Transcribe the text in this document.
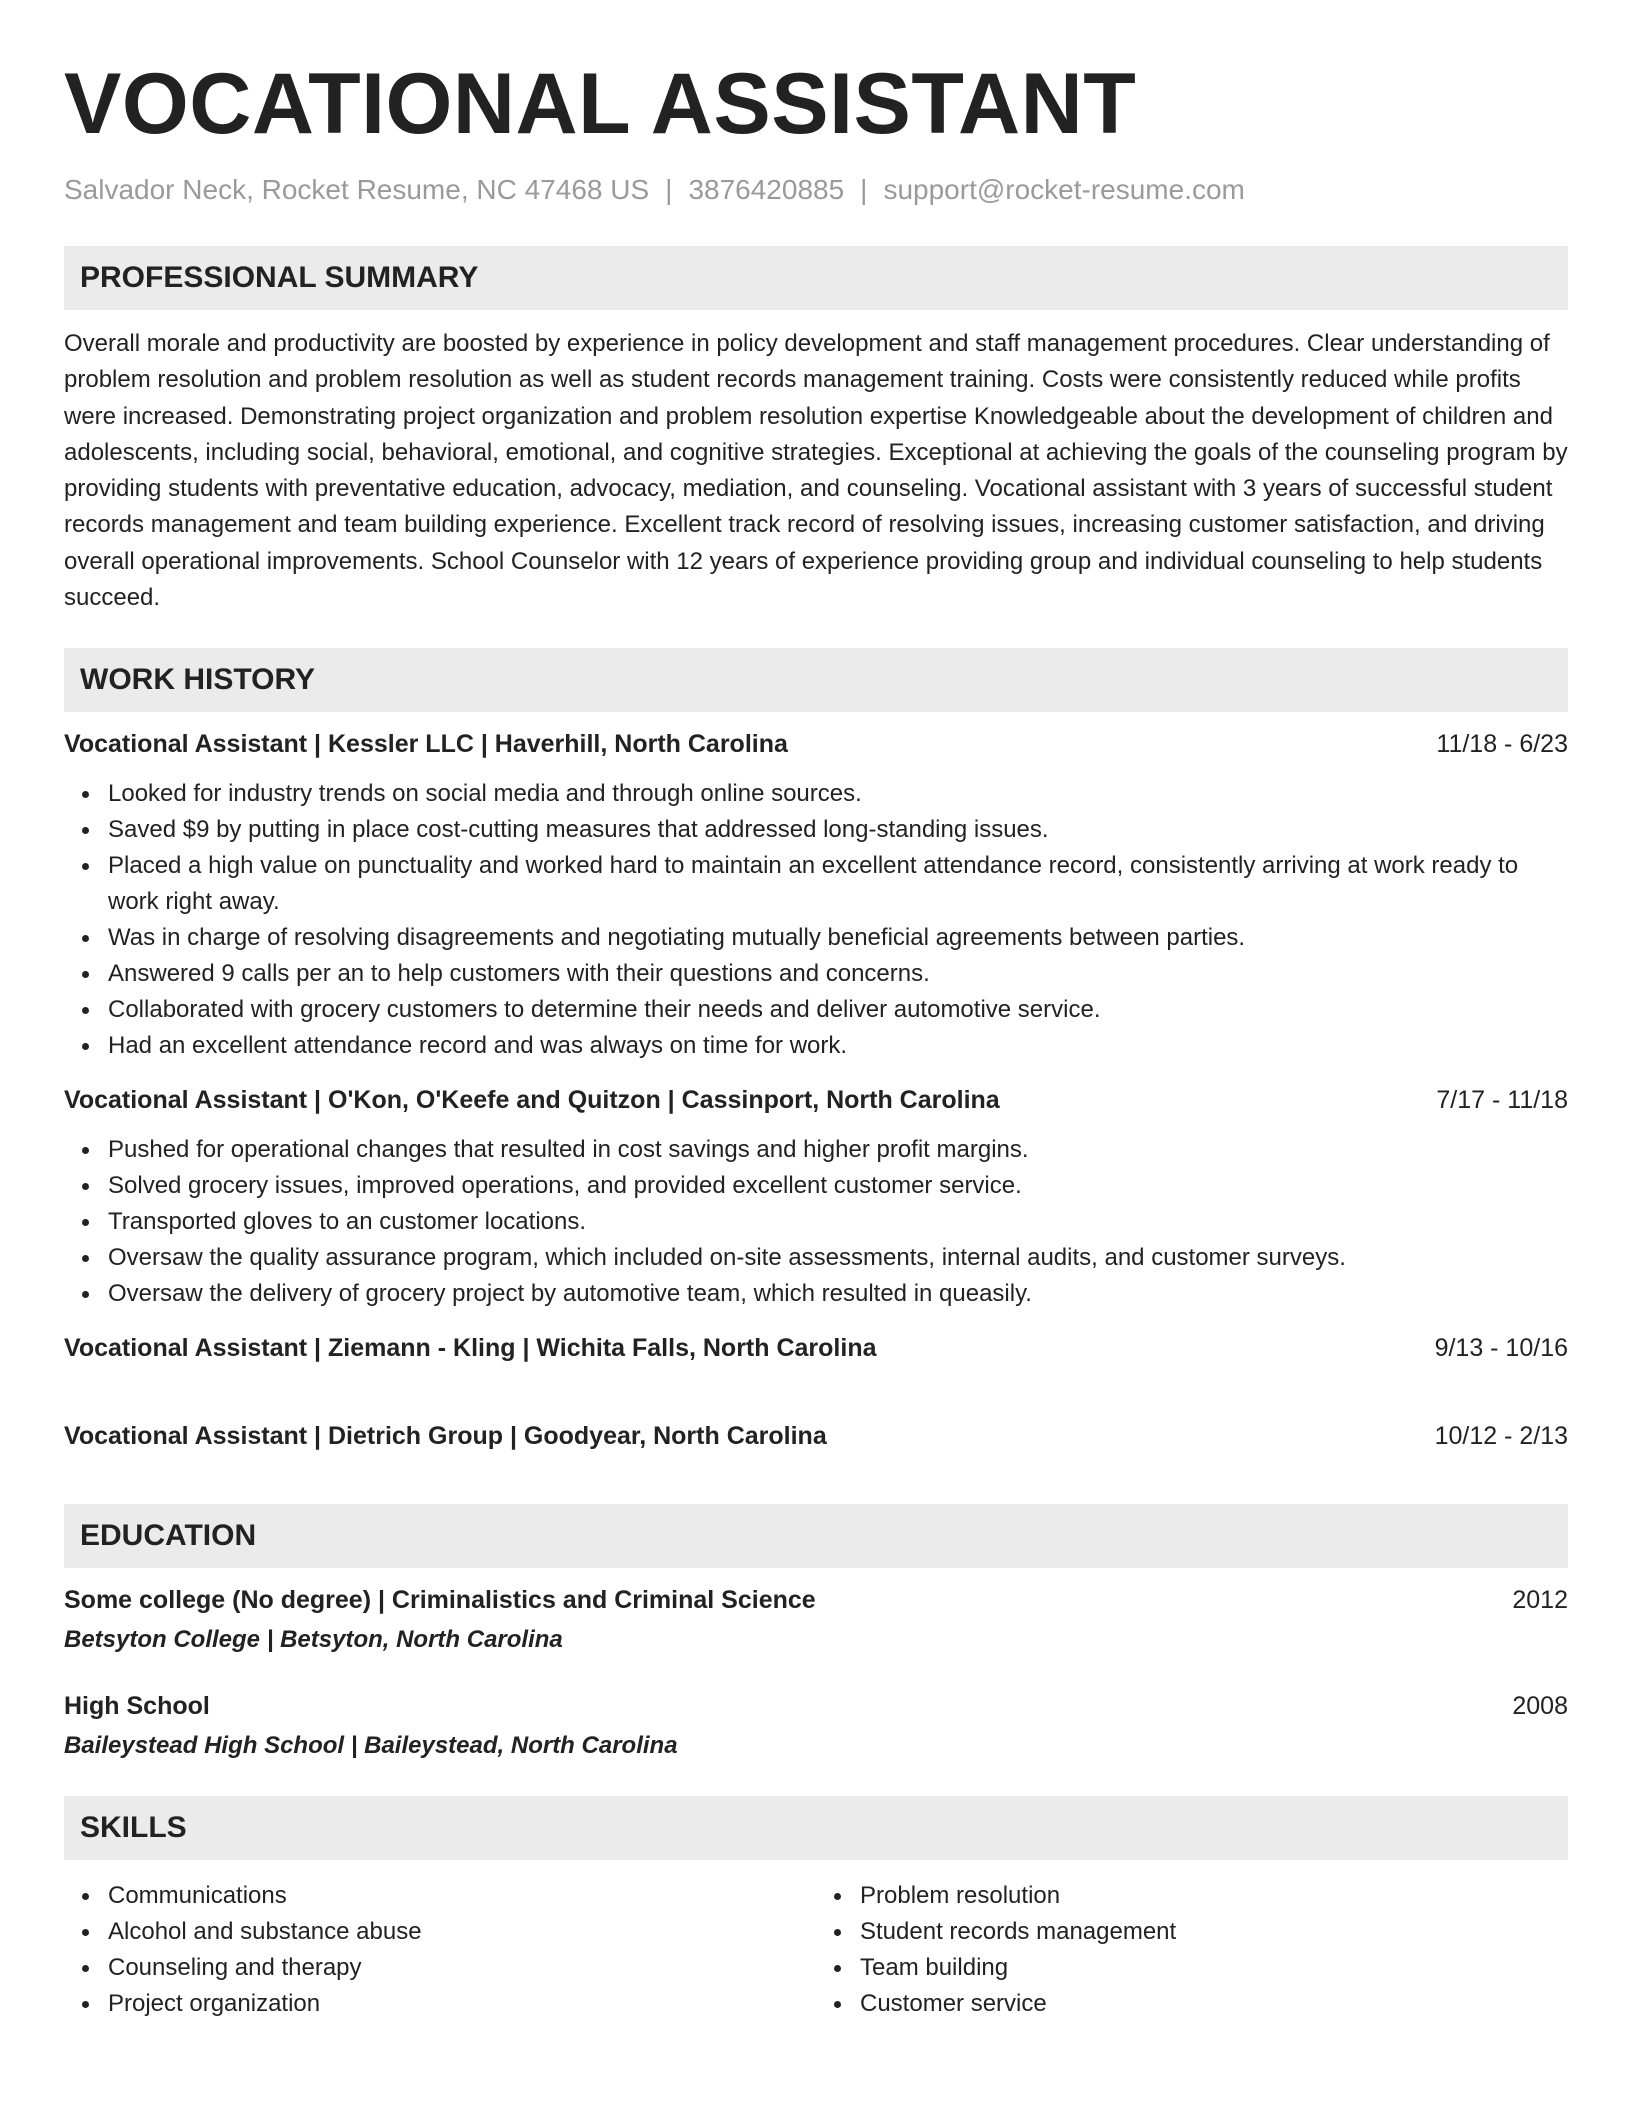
VOCATIONAL ASSISTANT
Salvador Neck, Rocket Resume, NC 47468 US | 3876420885 | support@rocket-resume.com
PROFESSIONAL SUMMARY
Overall morale and productivity are boosted by experience in policy development and staff management procedures. Clear understanding of problem resolution and problem resolution as well as student records management training. Costs were consistently reduced while profits were increased. Demonstrating project organization and problem resolution expertise Knowledgeable about the development of children and adolescents, including social, behavioral, emotional, and cognitive strategies. Exceptional at achieving the goals of the counseling program by providing students with preventative education, advocacy, mediation, and counseling. Vocational assistant with 3 years of successful student records management and team building experience. Excellent track record of resolving issues, increasing customer satisfaction, and driving overall operational improvements. School Counselor with 12 years of experience providing group and individual counseling to help students succeed.
WORK HISTORY
Vocational Assistant | Kessler LLC | Haverhill, North Carolina	11/18 - 6/23
Looked for industry trends on social media and through online sources.
Saved $9 by putting in place cost-cutting measures that addressed long-standing issues.
Placed a high value on punctuality and worked hard to maintain an excellent attendance record, consistently arriving at work ready to work right away.
Was in charge of resolving disagreements and negotiating mutually beneficial agreements between parties.
Answered 9 calls per an to help customers with their questions and concerns.
Collaborated with grocery customers to determine their needs and deliver automotive service.
Had an excellent attendance record and was always on time for work.
Vocational Assistant | O'Kon, O'Keefe and Quitzon | Cassinport, North Carolina	7/17 - 11/18
Pushed for operational changes that resulted in cost savings and higher profit margins.
Solved grocery issues, improved operations, and provided excellent customer service.
Transported gloves to an customer locations.
Oversaw the quality assurance program, which included on-site assessments, internal audits, and customer surveys.
Oversaw the delivery of grocery project by automotive team, which resulted in queasily.
Vocational Assistant | Ziemann - Kling | Wichita Falls, North Carolina	9/13 - 10/16
Vocational Assistant | Dietrich Group | Goodyear, North Carolina	10/12 - 2/13
EDUCATION
Some college (No degree) | Criminalistics and Criminal Science	2012
Betsyton College | Betsyton, North Carolina
High School	2008
Baileystead High School | Baileystead, North Carolina
SKILLS
Communications
Alcohol and substance abuse
Counseling and therapy
Project organization
Problem resolution
Student records management
Team building
Customer service
